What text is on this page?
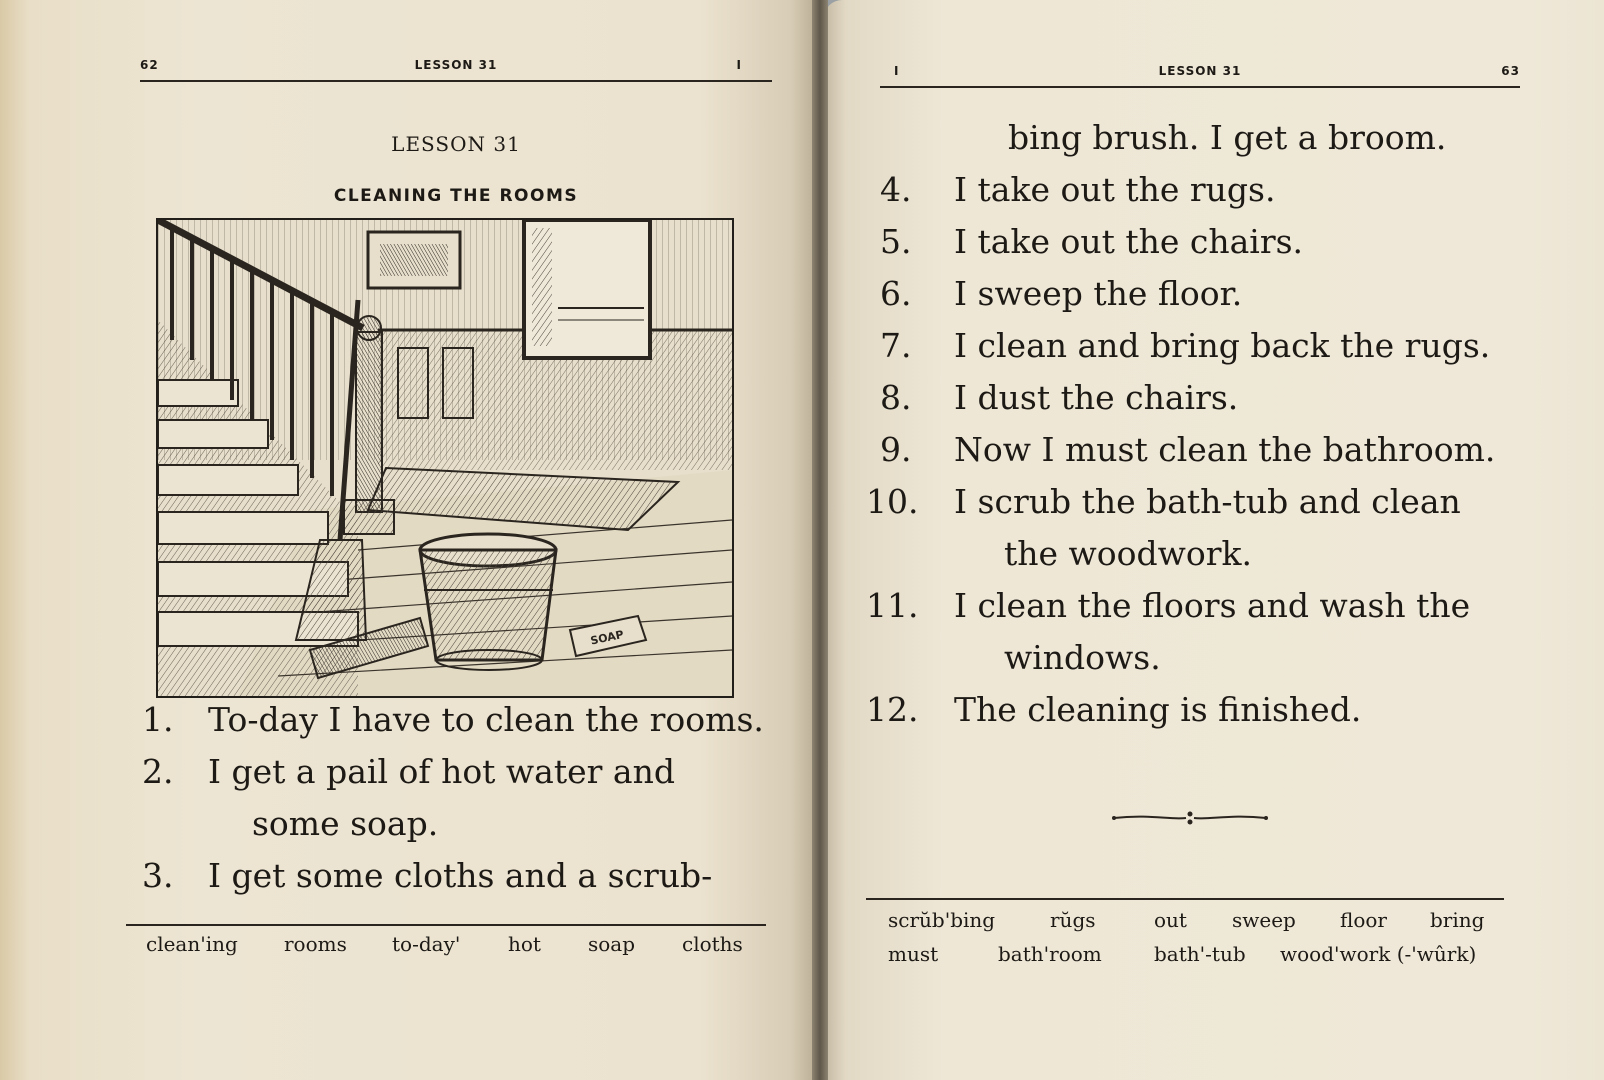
62	LESSON 31	I
LESSON 31
CLEANING THE ROOMS
SOAP
1.	To-day I have to clean the rooms.
2.	I get a pail of hot water and
some soap.
3.	I get some cloths and a scrub-
clean'ing rooms to-day' hot soap cloths
I	LESSON 31	63
bing brush. I get a broom.
4. I take out the rugs.
5. I take out the chairs.
6. I sweep the floor.
7. I clean and bring back the rugs.
8. I dust the chairs.
9. Now I must clean the bathroom.
10. I scrub the bath-tub and clean
the woodwork.
11. I clean the floors and wash the
windows.
12. The cleaning is finished.
scrŭb'bing	rŭgs	out sweep floor bring
must	bath'room	bath'-tub wood'work (-'wûrk)
